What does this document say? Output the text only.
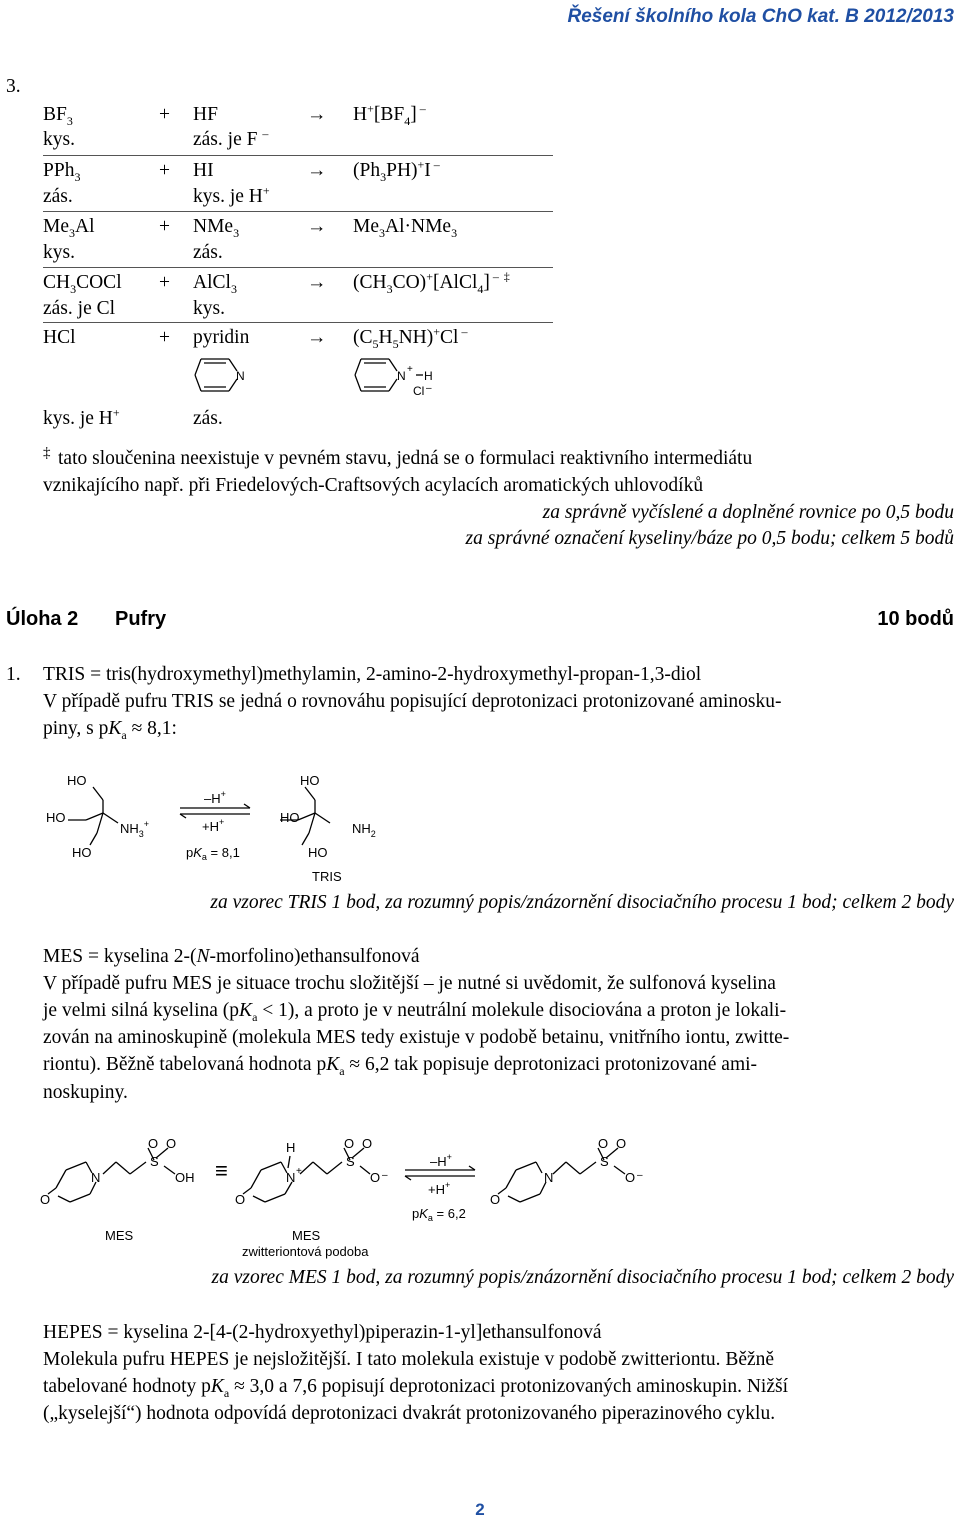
Řešení školního kola ChO kat. B 2012/2013
3.
$BF_3$	+ HF	→ $H^+[BF_4]$ –
kys.	zás. je F –
PPh$_3$	+ HI	→ $(Ph_3PH)^+I$ –
zás.	kys. je H+
$Me_3Al$	+ NMe$_3$	→ $Me_3Al\cdot NMe_3$
kys.	zás.
$CH_3COCl$ + AlCl$_3$	→ $(CH_3CO)^+[AlCl_4]$ – ‡
zás. je Cl	kys.
HCl	+ pyridin	→ $(C_5H_5NH)^+Cl$ –
kys. je H+	zás.
N	N + H
Cl –
‡ tato sloučenina neexistuje v pevném stavu, jedná se o formulaci reaktivního intermediátu
vznikajícího např. při Friedelových-Craftsových acylacích aromatických uhlovodíků
za správně vyčíslené a doplněné rovnice po 0,5 bodu
za správné označení kyseliny/báze po 0,5 bodu; celkem 5 bodů
Úloha 2 Pufry	10 bodů
1. TRIS = tris(hydroxymethyl)methylamin, 2-amino-2-hydroxymethyl-propan-1,3-diol
V případě pufru TRIS se jedná o rovnováhu popisující deprotonizaci protonizované aminosku-
piny, s $pK_a \approx 8,1$:
HO
HO
HO
$NH_3^+$
–H+
+H+
$pK_a = 8,1$
HO
HO
HO
$NH_2$
TRIS
za vzorec TRIS 1 bod, za rozumný popis/znázornění disociačního procesu 1 bod; celkem 2 body
MES = kyselina 2-(N-morfolino)ethansulfonová
V případě pufru MES je situace trochu složitější – je nutné si uvědomit, že sulfonová kyselina
je velmi silná kyselina $(pK_a < 1)$, a proto je v neutrální molekule disociována a proton je lokali-
zován na aminoskupině (molekula MES tedy existuje v podobě betainu, vnitřního iontu, zwitte-
riontu). Běžně tabelovaná hodnota $pK_a \approx 6,2$ tak popisuje deprotonizaci protonizované ami-
noskupiny.
O
N
O O
S
OH ≡
O
H
N +
O O
S
O –
–H+
+H+
$pK_a = 6,2$
O
N
O O
S
O –
MES	MES
zwitteriontová podoba
za vzorec MES 1 bod, za rozumný popis/znázornění disociačního procesu 1 bod; celkem 2 body
HEPES = kyselina 2-[4-(2-hydroxyethyl)piperazin-1-yl]ethansulfonová
Molekula pufru HEPES je nejsložitější. I tato molekula existuje v podobě zwitteriontu. Běžně
tabelované hodnoty $pK_a \approx 3,0$ a 7,6 popisují deprotonizaci protonizovaných aminoskupin. Nižší
(„kyselejší“) hodnota odpovídá deprotonizaci dvakrát protonizovaného piperazinového cyklu.
2
